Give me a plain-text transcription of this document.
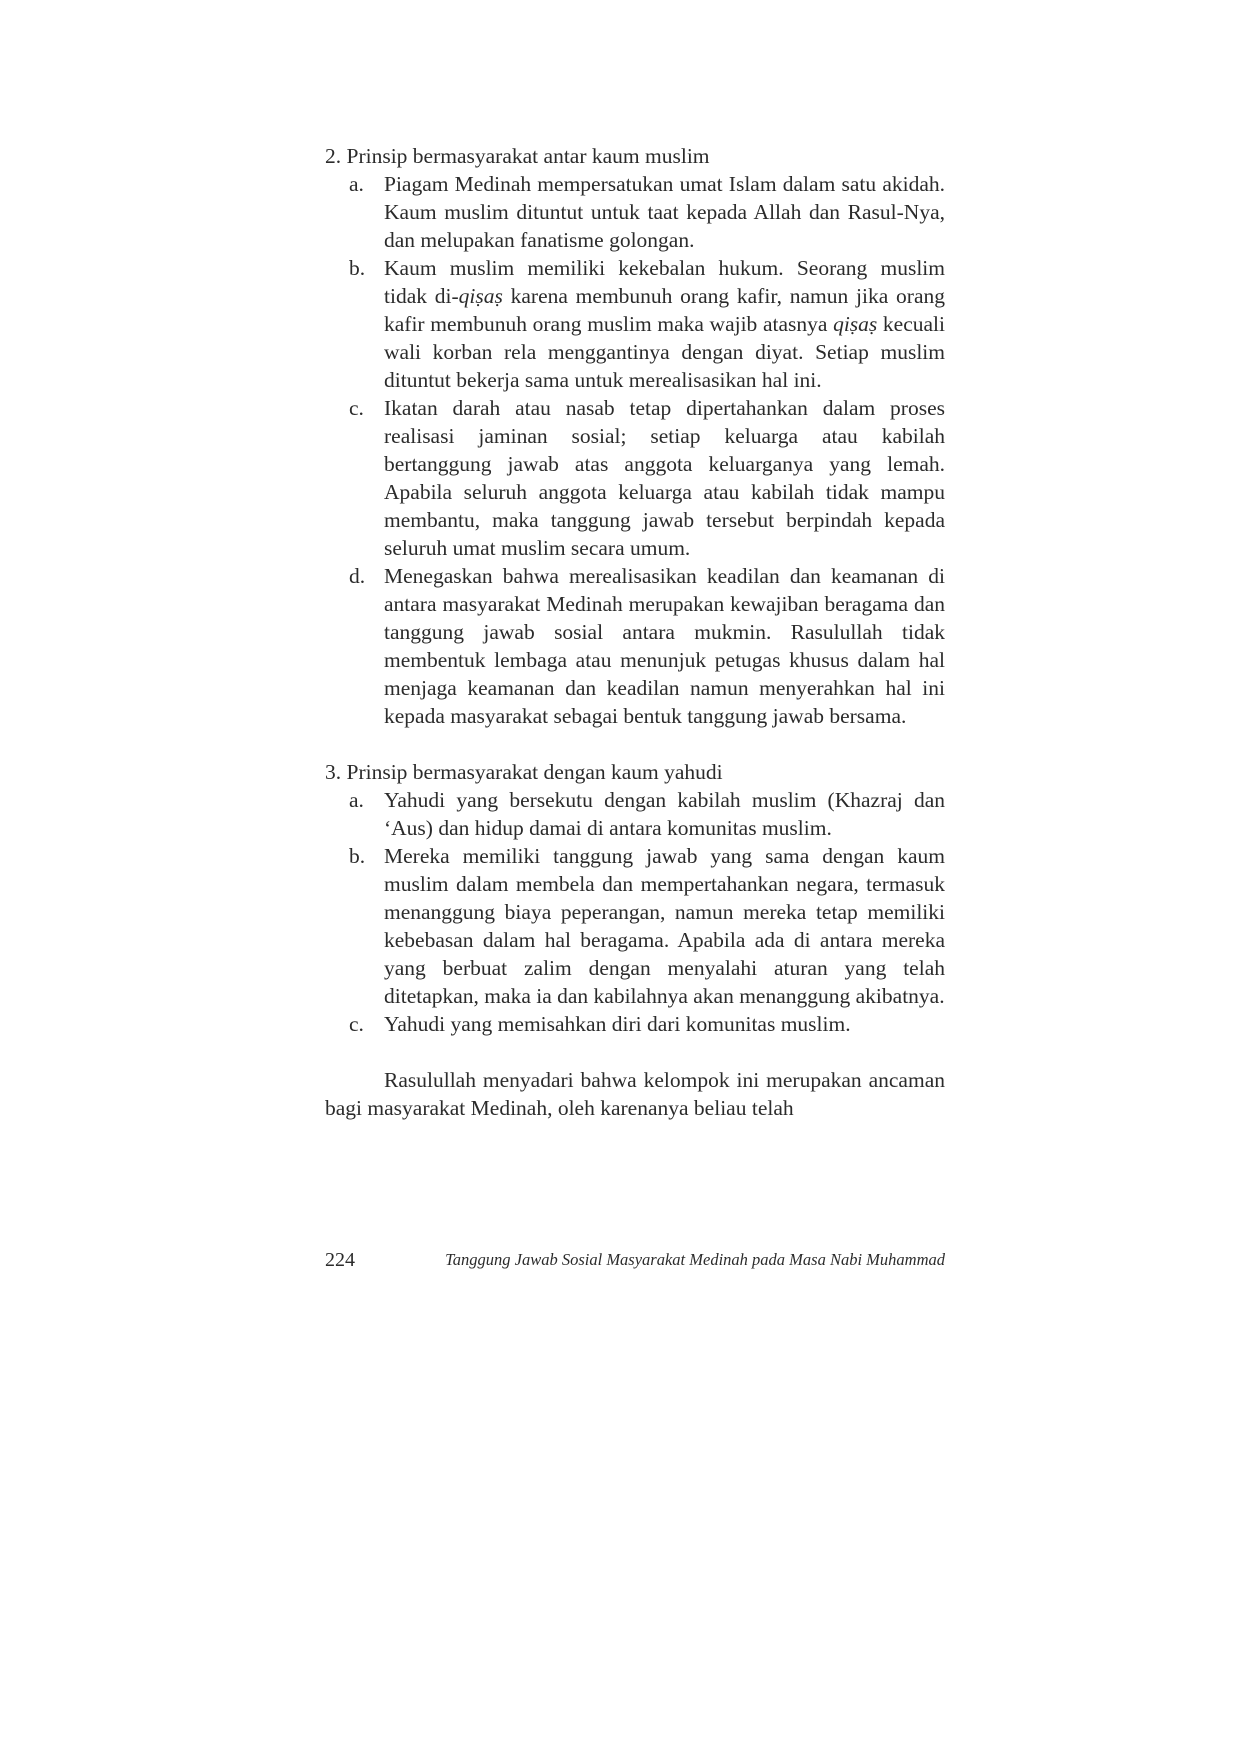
2. Prinsip bermasyarakat antar kaum muslim

a. Piagam Medinah mempersatukan umat Islam dalam satu akidah. Kaum muslim dituntut untuk taat kepada Allah dan Rasul-Nya, dan melupakan fanatisme golongan.
b. Kaum muslim memiliki kekebalan hukum. Seorang muslim tidak di-qiṣaṣ karena membunuh orang kafir, namun jika orang kafir membunuh orang muslim maka wajib atasnya qiṣaṣ kecuali wali korban rela menggantinya dengan diyat. Setiap muslim dituntut bekerja sama untuk merealisasikan hal ini.
c. Ikatan darah atau nasab tetap dipertahankan dalam proses realisasi jaminan sosial; setiap keluarga atau kabilah bertanggung jawab atas anggota keluarganya yang lemah. Apabila seluruh anggota keluarga atau kabilah tidak mampu membantu, maka tanggung jawab tersebut berpindah kepada seluruh umat muslim secara umum.
d. Menegaskan bahwa merealisasikan keadilan dan keamanan di antara masyarakat Medinah merupakan kewajiban beragama dan tanggung jawab sosial antara mukmin. Rasulullah tidak membentuk lembaga atau menunjuk petugas khusus dalam hal menjaga keamanan dan keadilan namun menyerahkan hal ini kepada masyarakat sebagai bentuk tanggung jawab bersama.

3. Prinsip bermasyarakat dengan kaum yahudi

a. Yahudi yang bersekutu dengan kabilah muslim (Khazraj dan ‘Aus) dan hidup damai di antara komunitas muslim.
b. Mereka memiliki tanggung jawab yang sama dengan kaum muslim dalam membela dan mempertahankan negara, termasuk menanggung biaya peperangan, namun mereka tetap memiliki kebebasan dalam hal beragama. Apabila ada di antara mereka yang berbuat zalim dengan menyalahi aturan yang telah ditetapkan, maka ia dan kabilahnya akan menanggung akibatnya.
c. Yahudi yang memisahkan diri dari komunitas muslim.

Rasulullah menyadari bahwa kelompok ini merupakan ancaman bagi masyarakat Medinah, oleh karenanya beliau telah

224	Tanggung Jawab Sosial Masyarakat Medinah pada Masa Nabi Muhammad
